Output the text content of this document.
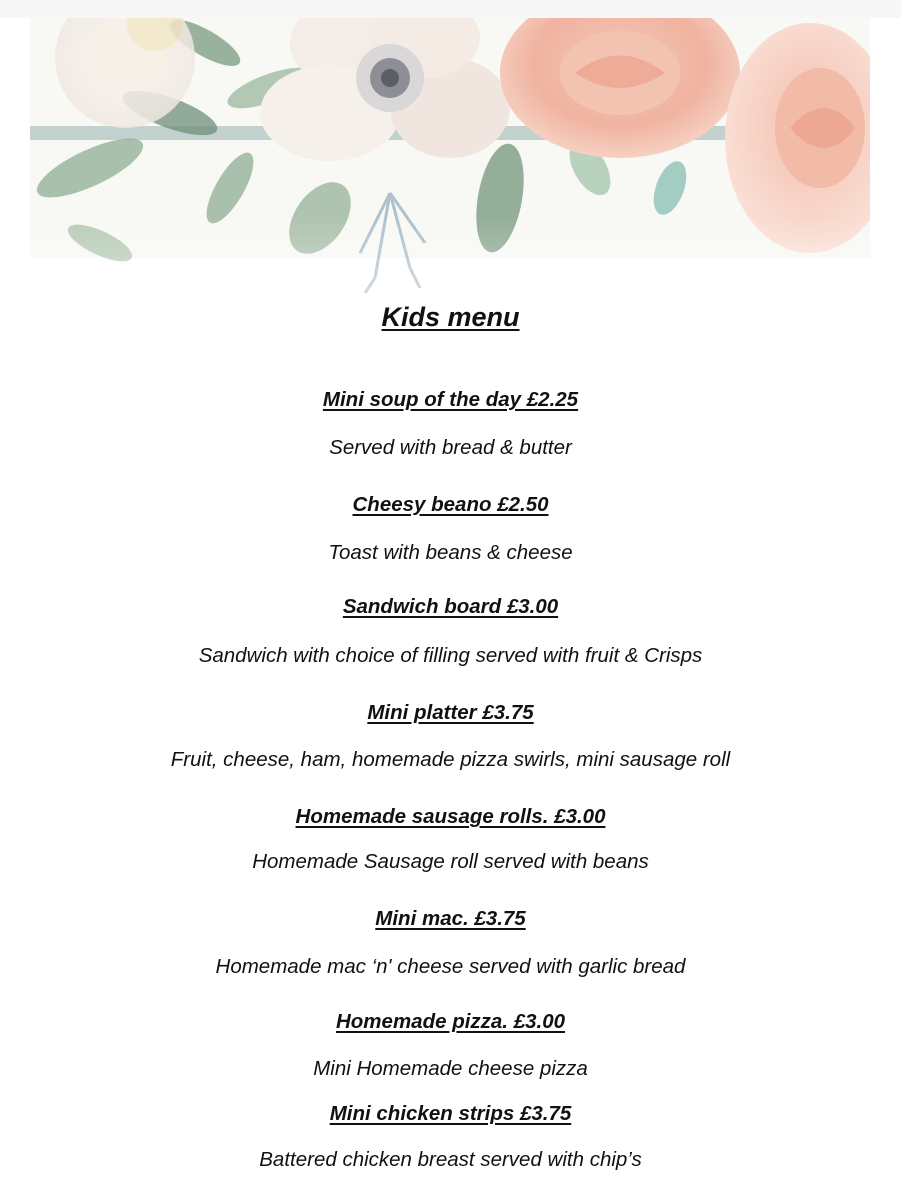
Kids menu
Mini soup of the day £2.25
Served with bread & butter
Cheesy beano £2.50
Toast with beans & cheese
Sandwich board £3.00
Sandwich with choice of filling served with fruit & Crisps
Mini platter £3.75
Fruit, cheese, ham, homemade pizza swirls, mini sausage roll
Homemade sausage rolls. £3.00
Homemade Sausage roll served with beans
Mini mac. £3.75
Homemade mac ‘n' cheese served with garlic bread
Homemade pizza. £3.00
Mini Homemade cheese pizza
Mini chicken strips £3.75
Battered chicken breast served with chip’s
